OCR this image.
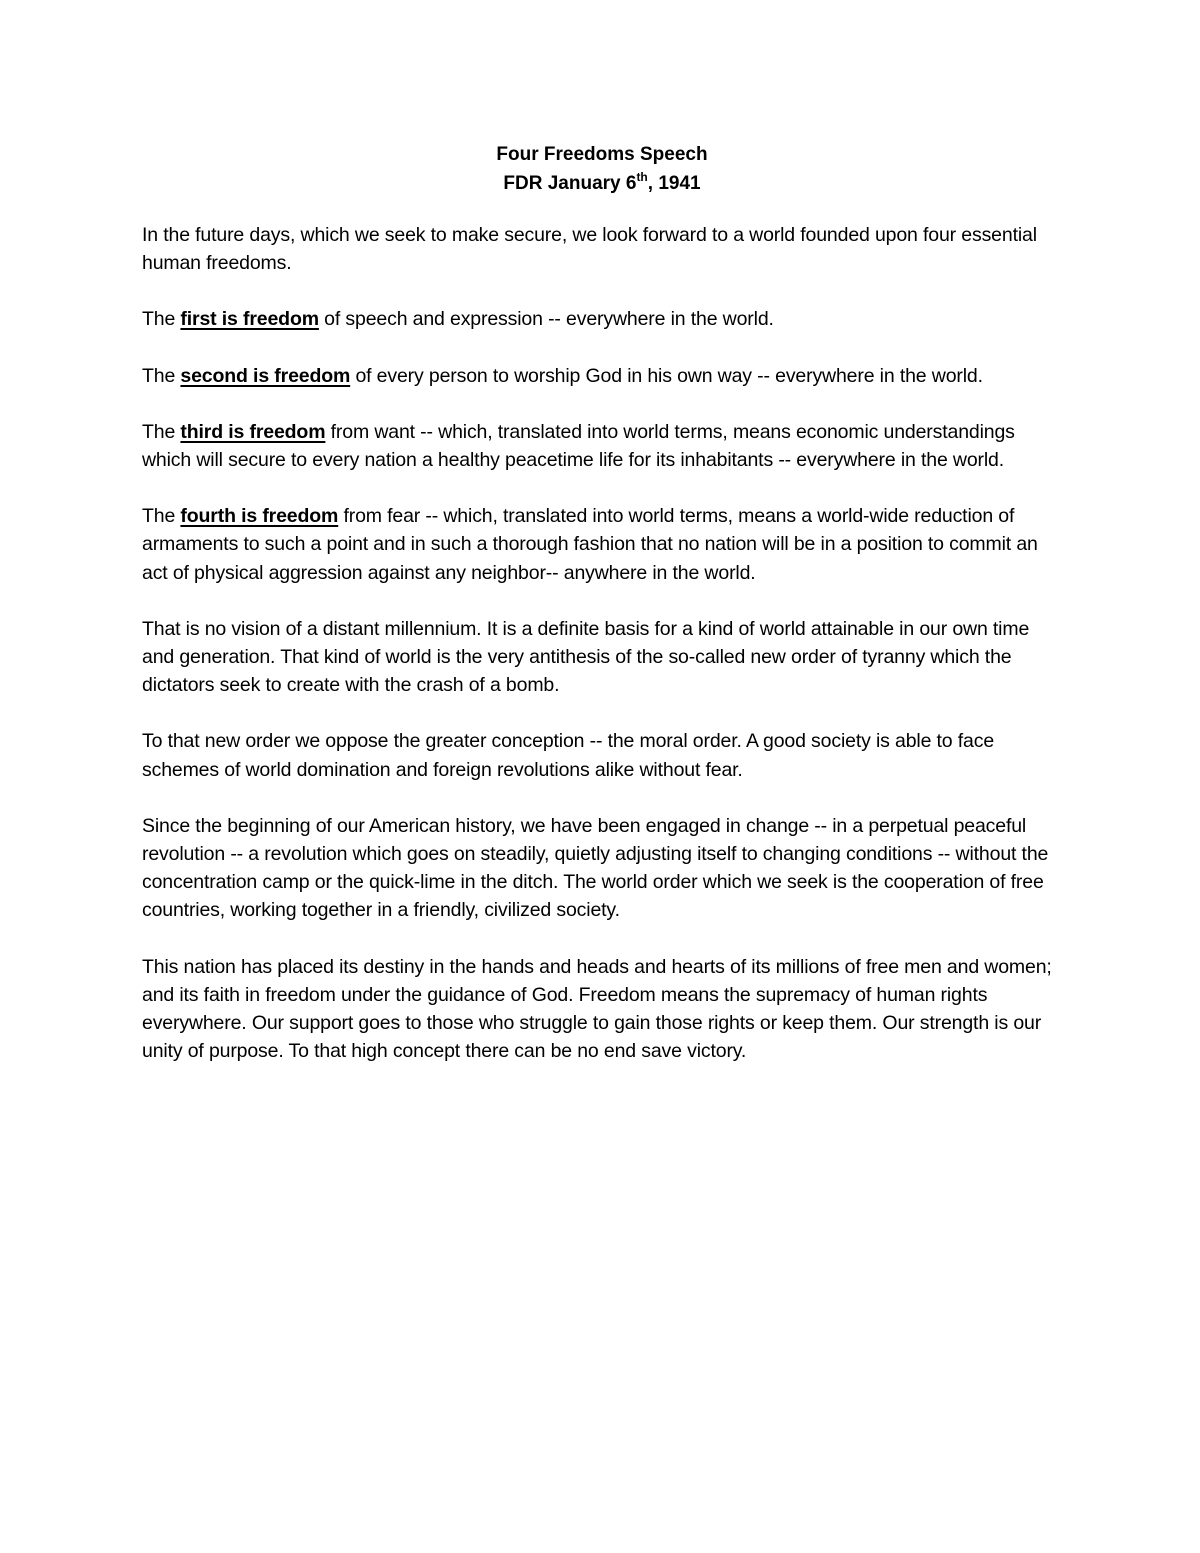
Four Freedoms Speech
FDR January 6th, 1941

In the future days, which we seek to make secure, we look forward to a world founded upon four essential human freedoms.

The first is freedom of speech and expression -- everywhere in the world.

The second is freedom of every person to worship God in his own way -- everywhere in the world.

The third is freedom from want -- which, translated into world terms, means economic understandings which will secure to every nation a healthy peacetime life for its inhabitants -- everywhere in the world.

The fourth is freedom from fear -- which, translated into world terms, means a world-wide reduction of armaments to such a point and in such a thorough fashion that no nation will be in a position to commit an act of physical aggression against any neighbor-- anywhere in the world.

That is no vision of a distant millennium. It is a definite basis for a kind of world attainable in our own time and generation. That kind of world is the very antithesis of the so-called new order of tyranny which the dictators seek to create with the crash of a bomb.

To that new order we oppose the greater conception -- the moral order. A good society is able to face schemes of world domination and foreign revolutions alike without fear.

Since the beginning of our American history, we have been engaged in change -- in a perpetual peaceful revolution -- a revolution which goes on steadily, quietly adjusting itself to changing conditions -- without the concentration camp or the quick-lime in the ditch. The world order which we seek is the cooperation of free countries, working together in a friendly, civilized society.

This nation has placed its destiny in the hands and heads and hearts of its millions of free men and women; and its faith in freedom under the guidance of God. Freedom means the supremacy of human rights everywhere. Our support goes to those who struggle to gain those rights or keep them. Our strength is our unity of purpose. To that high concept there can be no end save victory.
